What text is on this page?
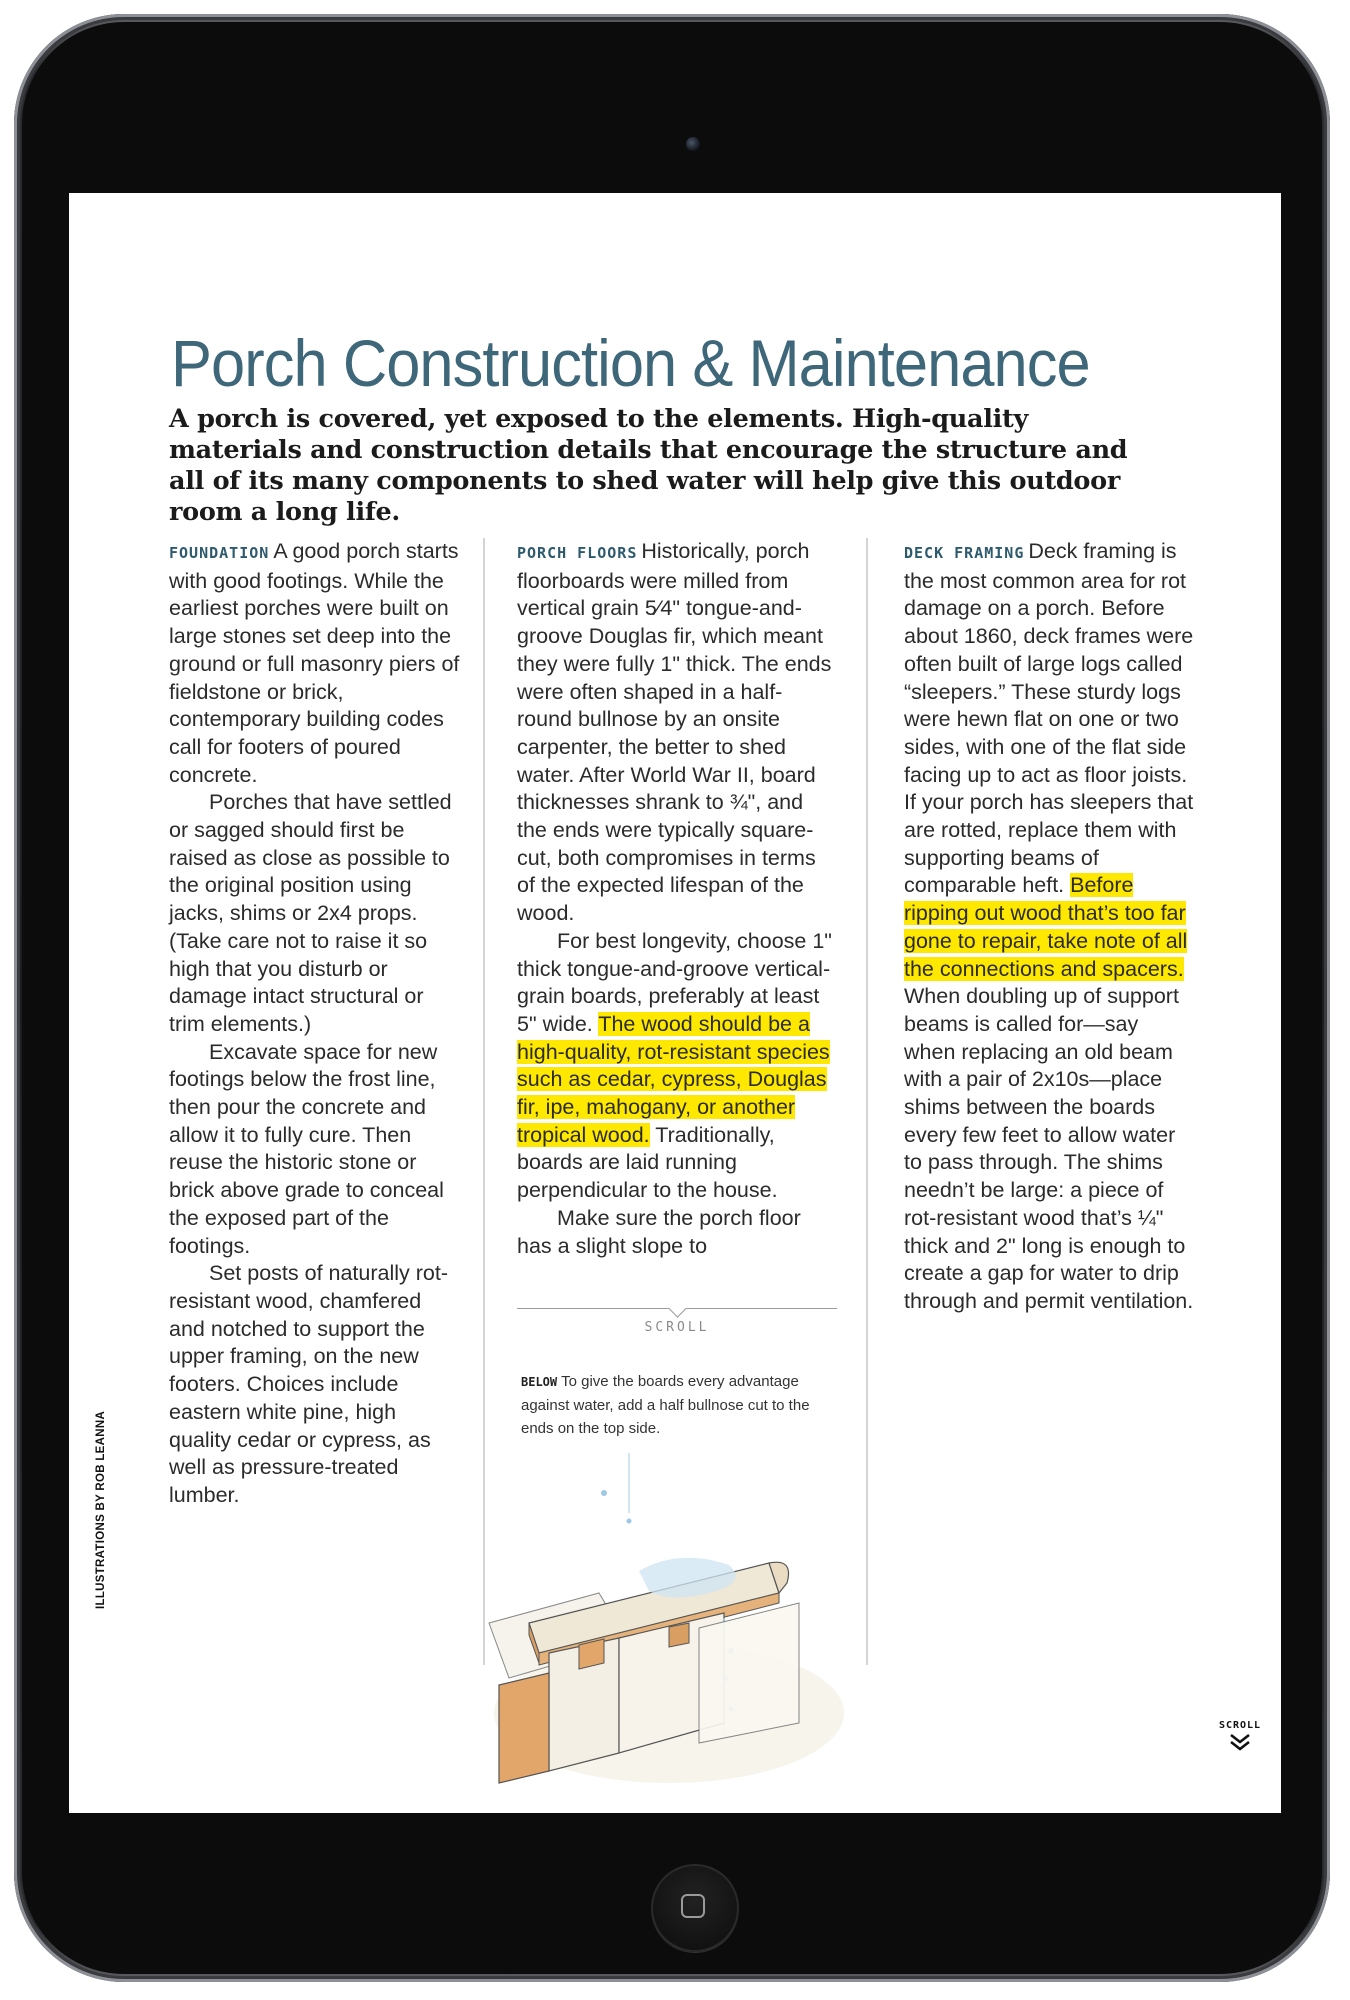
Porch Construction & Maintenance

A porch is covered, yet exposed to the elements. High-quality materials and construction details that encourage the structure and all of its many components to shed water will help give this outdoor room a long life.

FOUNDATION A good porch starts with good footings. While the earliest porches were built on large stones set deep into the ground or full masonry piers of fieldstone or brick, contemporary building codes call for footers of poured concrete.

Porches that have settled or sagged should first be raised as close as possible to the original position using jacks, shims or 2x4 props. (Take care not to raise it so high that you disturb or damage intact structural or trim elements.)

Excavate space for new footings below the frost line, then pour the concrete and allow it to fully cure. Then reuse the historic stone or brick above grade to conceal the exposed part of the footings.

Set posts of naturally rot-resistant wood, chamfered and notched to support the upper framing, on the new footers. Choices include eastern white pine, high quality cedar or cypress, as well as pressure-treated lumber.

PORCH FLOORS Historically, porch floorboards were milled from vertical grain 5⁄4" tongue-and-groove Douglas fir, which meant they were fully 1" thick. The ends were often shaped in a half-round bullnose by an onsite carpenter, the better to shed water. After World War II, board thicknesses shrank to ¾", and the ends were typically square-cut, both compromises in terms of the expected lifespan of the wood.

For best longevity, choose 1" thick tongue-and-groove vertical-grain boards, preferably at least 5" wide. The wood should be a high-quality, rot-resistant species such as cedar, cypress, Douglas fir, ipe, mahogany, or another tropical wood. Traditionally, boards are laid running perpendicular to the house.

Make sure the porch floor has a slight slope to

SCROLL
BELOW To give the boards every advantage against water, add a half bullnose cut to the ends on the top side.

DECK FRAMING Deck framing is the most common area for rot damage on a porch. Before about 1860, deck frames were often built of large logs called “sleepers.” These sturdy logs were hewn flat on one or two sides, with one of the flat side facing up to act as floor joists. If your porch has sleepers that are rotted, replace them with supporting beams of comparable heft. Before ripping out wood that’s too far gone to repair, take note of all the connections and spacers. When doubling up of support beams is called for—say when replacing an old beam with a pair of 2x10s—place shims between the boards every few feet to allow water to pass through. The shims needn’t be large: a piece of rot-resistant wood that’s ¼" thick and 2" long is enough to create a gap for water to drip through and permit ventilation.

ILLUSTRATIONS BY ROB LEANNA
SCROLL
